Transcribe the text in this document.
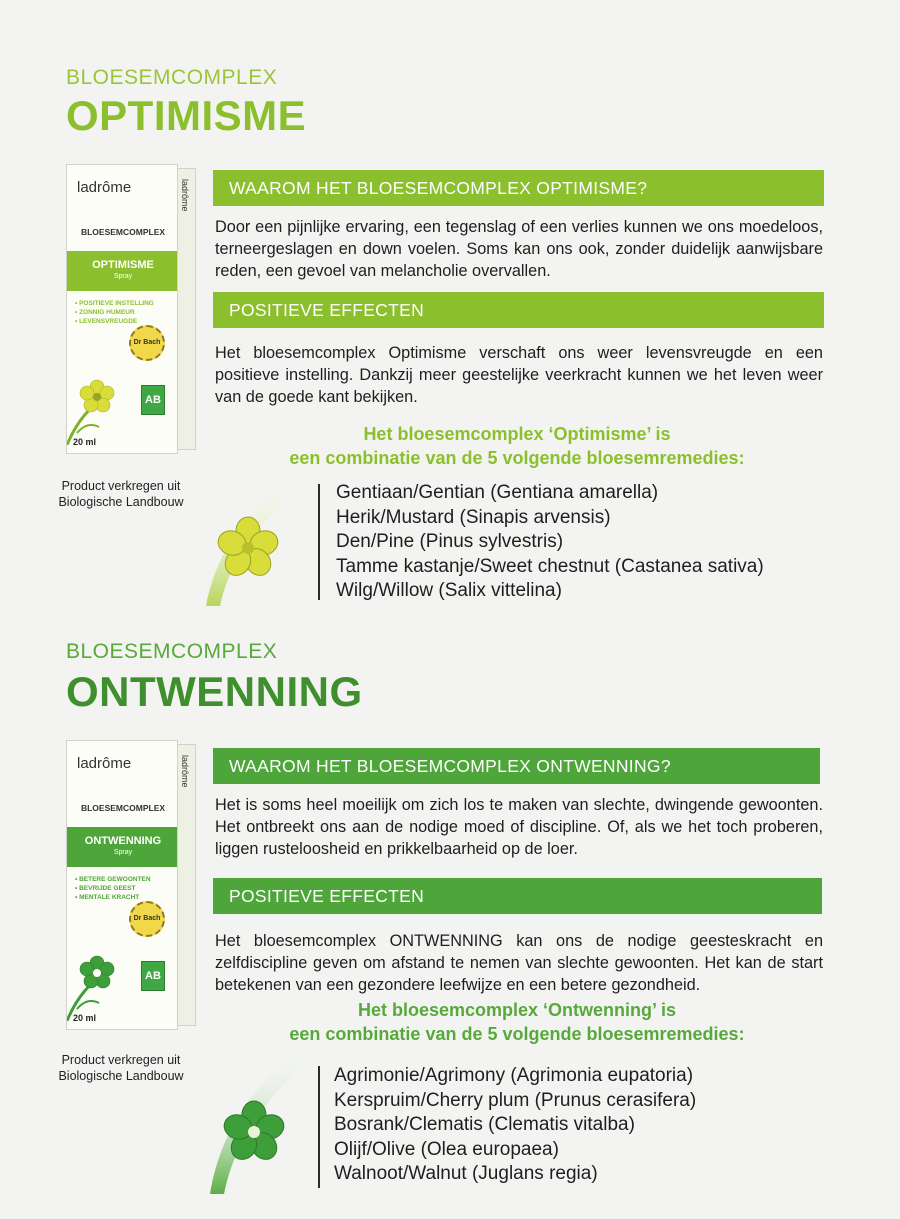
BLOESEMCOMPLEX
OPTIMISME
ladrôme
BLOESEMCOMPLEX
OPTIMISME
Spray
• POSITIEVE INSTELLING
• ZONNIG HUMEUR
• LEVENSVREUGDE
Dr Bach
AB
20 ml
ladrôme
Product verkregen uit
Biologische Landbouw
WAAROM HET BLOESEMCOMPLEX OPTIMISME?

Door een pijnlijke ervaring, een tegenslag of een verlies kunnen we ons moedeloos, terneergeslagen en down voelen. Soms kan ons ook, zonder duidelijk aanwijsbare reden, een gevoel van melancholie overvallen.

POSITIEVE EFFECTEN

Het bloesemcomplex Optimisme verschaft ons weer levensvreugde en een positieve instelling. Dankzij meer geestelijke veerkracht kunnen we het leven weer van de goede kant bekijken.

Het bloesemcomplex ‘Optimisme’ is
een combinatie van de 5 volgende bloesemremedies:
Gentiaan/Gentian (Gentiana amarella)
Herik/Mustard (Sinapis arvensis)
Den/Pine (Pinus sylvestris)
Tamme kastanje/Sweet chestnut (Castanea sativa)
Wilg/Willow (Salix vittelina)
BLOESEMCOMPLEX
ONTWENNING
ladrôme
BLOESEMCOMPLEX
ONTWENNING
Spray
• BETERE GEWOONTEN
• BEVRIJDE GEEST
• MENTALE KRACHT
Dr Bach
AB
20 ml
ladrôme
Product verkregen uit
Biologische Landbouw
WAAROM HET BLOESEMCOMPLEX ONTWENNING?

Het is soms heel moeilijk om zich los te maken van slechte, dwingende gewoonten. Het ontbreekt ons aan de nodige moed of discipline. Of, als we het toch proberen, liggen rusteloosheid en prikkelbaarheid op de loer.

POSITIEVE EFFECTEN

Het bloesemcomplex ONTWENNING kan ons de nodige geesteskracht en zelfdiscipline geven om afstand te nemen van slechte gewoonten. Het kan de start betekenen van een gezondere leefwijze en een betere gezondheid.

Het bloesemcomplex ‘Ontwenning’ is
een combinatie van de 5 volgende bloesemremedies:
Agrimonie/Agrimony (Agrimonia eupatoria)
Kerspruim/Cherry plum (Prunus cerasifera)
Bosrank/Clematis (Clematis vitalba)
Olijf/Olive (Olea europaea)
Walnoot/Walnut (Juglans regia)
